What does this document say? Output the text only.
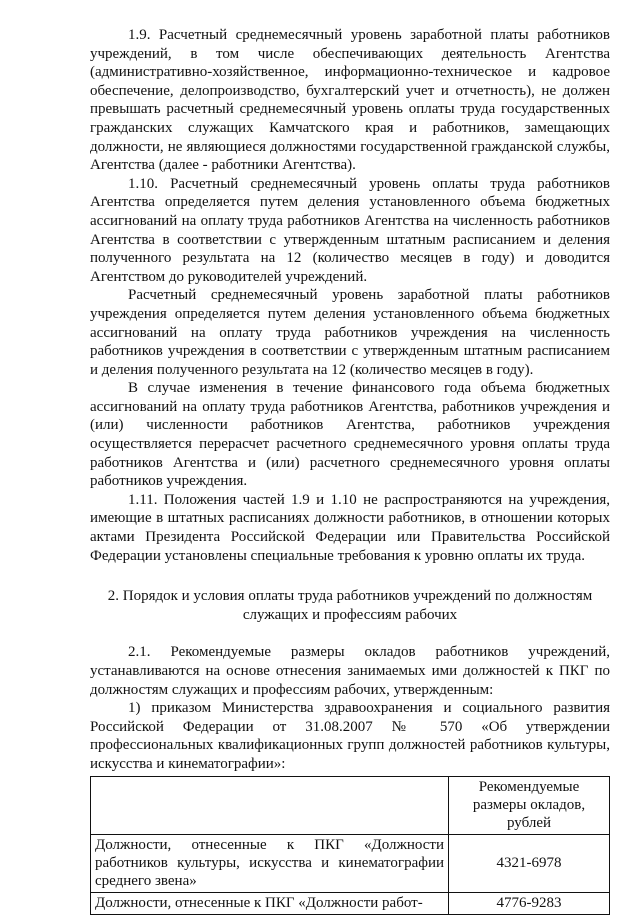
1.9. Расчетный среднемесячный уровень заработной платы работников учреждений, в том числе обеспечивающих деятельность Агентства (административно-хозяйственное, информационно-техническое и кадровое обеспечение, делопроизводство, бухгалтерский учет и отчетность), не должен превышать расчетный среднемесячный уровень оплаты труда государственных гражданских служащих Камчатского края и работников, замещающих должности, не являющиеся должностями государственной гражданской службы, Агентства (далее - работники Агентства).

1.10. Расчетный среднемесячный уровень оплаты труда работников Агентства определяется путем деления установленного объема бюджетных ассигнований на оплату труда работников Агентства на численность работников Агентства в соответствии с утвержденным штатным расписанием и деления полученного результата на 12 (количество месяцев в году) и доводится Агентством до руководителей учреждений.

Расчетный среднемесячный уровень заработной платы работников учреждения определяется путем деления установленного объема бюджетных ассигнований на оплату труда работников учреждения на численность работников учреждения в соответствии с утвержденным штатным расписанием и деления полученного результата на 12 (количество месяцев в году).

В случае изменения в течение финансового года объема бюджетных ассигнований на оплату труда работников Агентства, работников учреждения и (или) численности работников Агентства, работников учреждения осуществляется перерасчет расчетного среднемесячного уровня оплаты труда работников Агентства и (или) расчетного среднемесячного уровня оплаты работников учреждения.

1.11. Положения частей 1.9 и 1.10 не распространяются на учреждения, имеющие в штатных расписаниях должности работников, в отношении которых актами Президента Российской Федерации или Правительства Российской Федерации установлены специальные требования к уровню оплаты их труда.

2. Порядок и условия оплаты труда работников учреждений по должностям служащих и профессиям рабочих

2.1. Рекомендуемые размеры окладов работников учреждений, устанавливаются на основе отнесения занимаемых ими должностей к ПКГ по должностям служащих и профессиям рабочих, утвержденным:

1) приказом Министерства здравоохранения и социального развития Российской Федерации от 31.08.2007 № 570 «Об утверждении профессиональных квалификационных групп должностей работников культуры, искусства и кинематографии»:

	Рекомендуемые размеры окладов, рублей
Должности, отнесенные к ПКГ «Должности работников культуры, искусства и кинематографии среднего звена»	4321-6978
Должности, отнесенные к ПКГ «Должности работ-	4776-9283
